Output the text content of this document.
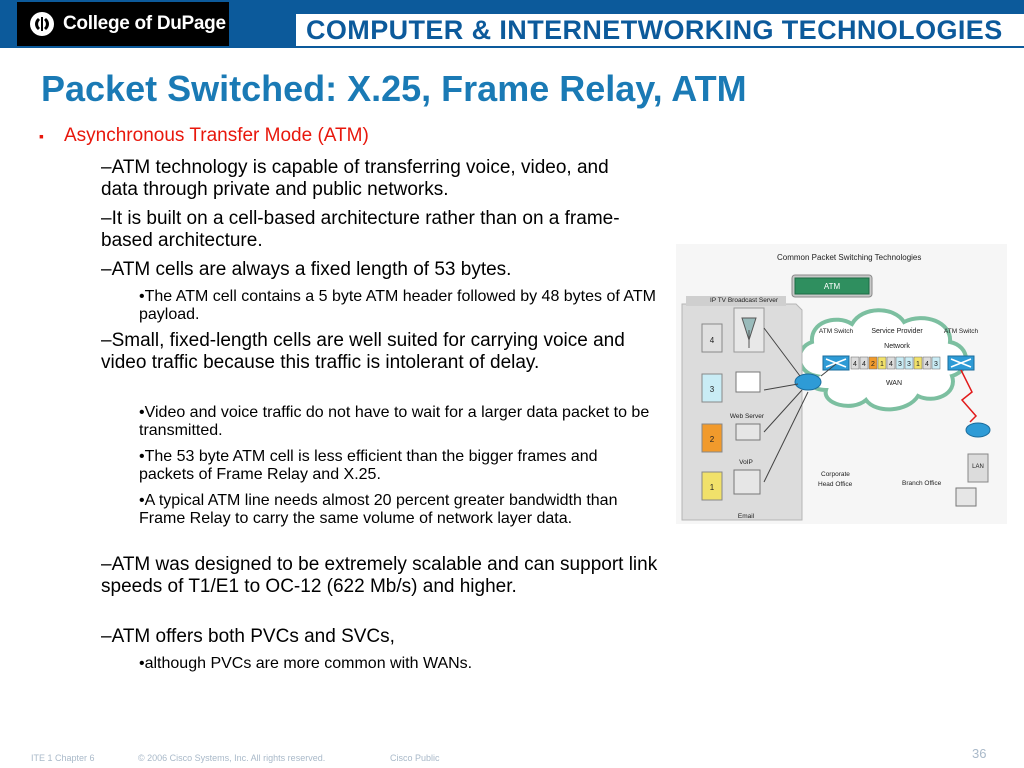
College of DuPage	COMPUTER & INTERNETWORKING TECHNOLOGIES
Packet Switched: X.25, Frame Relay, ATM
▪ Asynchronous Transfer Mode (ATM)

–ATM technology is capable of transferring voice, video, and data through private and public networks.

–It is built on a cell-based architecture rather than on a frame-based architecture.

–ATM cells are always a fixed length of 53 bytes.

•The ATM cell contains a 5 byte ATM header followed by 48 bytes of ATM payload.

–Small, fixed-length cells are well suited for carrying voice and video traffic because this traffic is intolerant of delay.

•Video and voice traffic do not have to wait for a larger data packet to be transmitted.

•The 53 byte ATM cell is less efficient than the bigger frames and packets of Frame Relay and X.25.

•A typical ATM line needs almost 20 percent greater bandwidth than Frame Relay to carry the same volume of network layer data.

–ATM was designed to be extremely scalable and can support link speeds of T1/E1 to OC-12 (622 Mb/s) and higher.

–ATM offers both PVCs and SVCs,

•although PVCs are more common with WANs.

Common Packet Switching Technologies
ATM
Service Provider
Network
WAN
ATM Switch	ATM Switch
4 4 2 1 4 3 3 1 4 3
IP TV Broadcast Server
4
Web Server
3
VoIP
2
Email
1
Corporate
Head Office
LAN
Branch Office
ITE 1 Chapter 6	© 2006 Cisco Systems, Inc. All rights reserved.	Cisco Public	36
